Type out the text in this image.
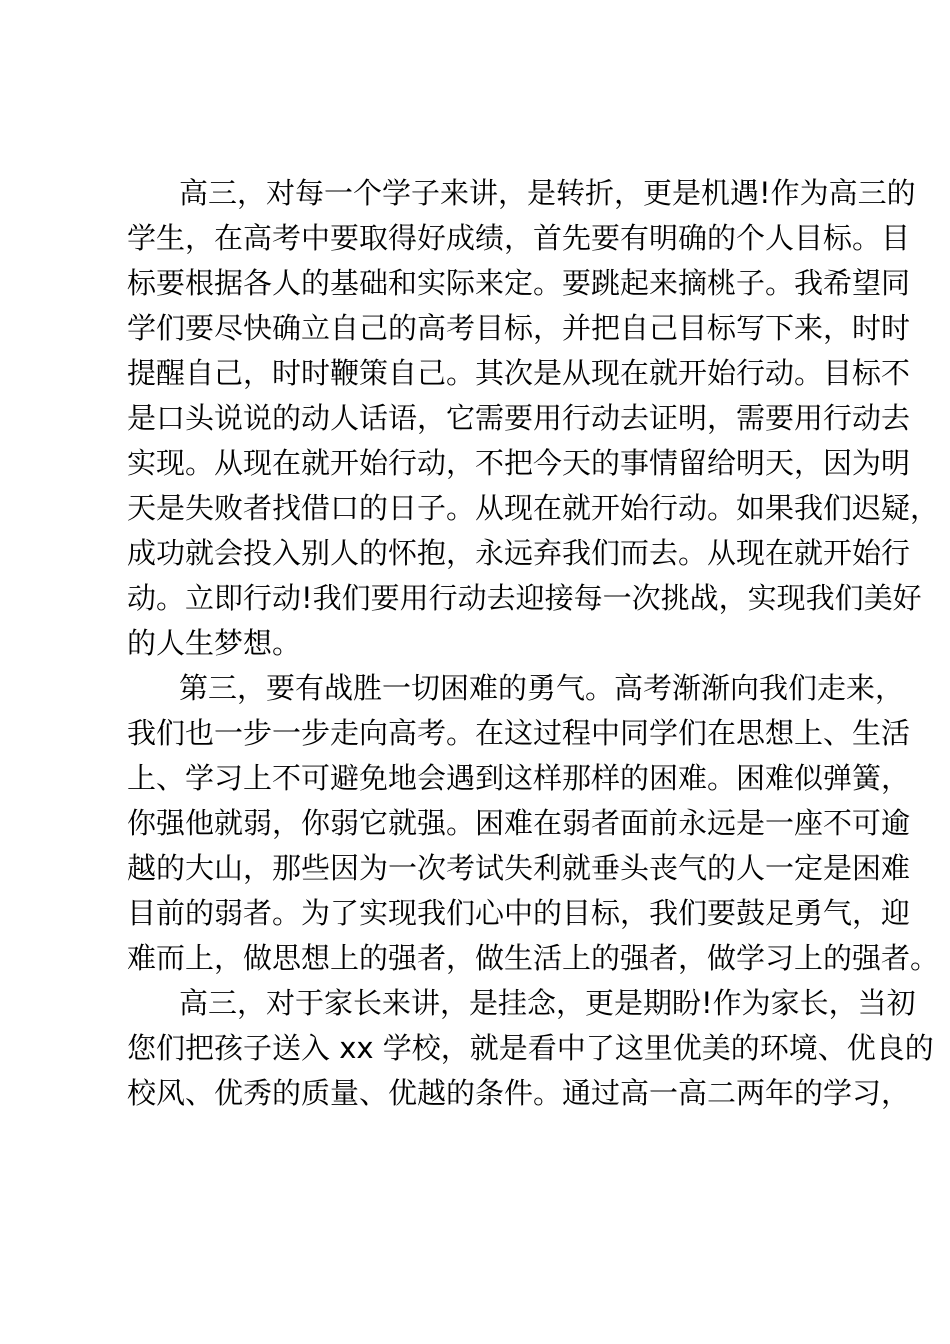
高三，对每一个学子来讲，是转折，更是机遇!作为高三的
学生，在高考中要取得好成绩，首先要有明确的个人目标。目
标要根据各人的基础和实际来定。要跳起来摘桃子。我希望同
学们要尽快确立自己的高考目标，并把自己目标写下来，时时
提醒自己，时时鞭策自己。其次是从现在就开始行动。目标不
是口头说说的动人话语，它需要用行动去证明，需要用行动去
实现。从现在就开始行动，不把今天的事情留给明天，因为明
天是失败者找借口的日子。从现在就开始行动。如果我们迟疑，
成功就会投入别人的怀抱，永远弃我们而去。从现在就开始行
动。立即行动!我们要用行动去迎接每一次挑战，实现我们美好
的人生梦想。
第三，要有战胜一切困难的勇气。高考渐渐向我们走来，
我们也一步一步走向高考。在这过程中同学们在思想上、生活
上、学习上不可避免地会遇到这样那样的困难。困难似弹簧，
你强他就弱，你弱它就强。困难在弱者面前永远是一座不可逾
越的大山，那些因为一次考试失利就垂头丧气的人一定是困难
目前的弱者。为了实现我们心中的目标，我们要鼓足勇气，迎
难而上，做思想上的强者，做生活上的强者，做学习上的强者。
高三，对于家长来讲，是挂念，更是期盼!作为家长，当初
您们把孩子送入 xx 学校，就是看中了这里优美的环境、优良的
校风、优秀的质量、优越的条件。通过高一高二两年的学习，
